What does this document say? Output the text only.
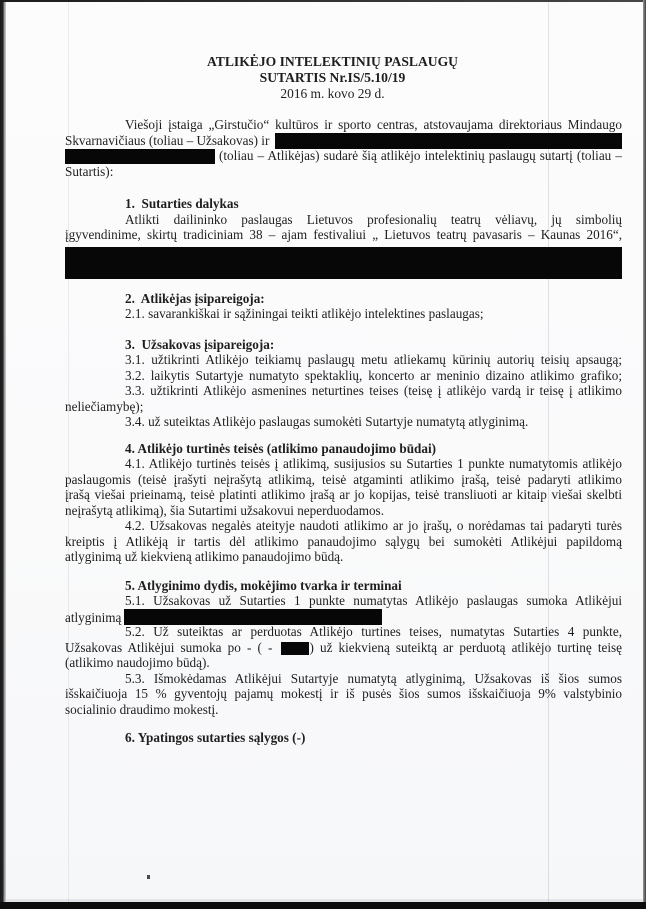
ATLIKĖJO INTELEKTINIŲ PASLAUGŲ
SUTARTIS Nr.IS/5.10/19
2016 m. kovo 29 d.
Viešoji įstaiga „Girstučio“ kultūros ir sporto centras, atstovaujama direktoriaus Mindaugo
Skvarnavičiaus (toliau – Užsakovas) ir
(toliau – Atlikėjas) sudarė šią atlikėjo intelektinių paslaugų sutartį (toliau –
Sutartis):
1.  Sutarties dalykas
Atlikti dailininko paslaugas Lietuvos profesionalių teatrų vėliavų, jų simbolių
įgyvendinime, skirtų tradiciniam 38 – ajam festivaliui „ Lietuvos teatrų pavasaris – Kaunas 2016“,
2.  Atlikėjas įsipareigoja:
2.1. savarankiškai ir sąžiningai teikti atlikėjo intelektines paslaugas;
3.  Užsakovas įsipareigoja:
3.1. užtikrinti Atlikėjo teikiamų paslaugų metu atliekamų kūrinių autorių teisių apsaugą;
3.2. laikytis Sutartyje numatyto spektaklių, koncerto ar meninio dizaino atlikimo grafiko;
3.3. užtikrinti Atlikėjo asmenines neturtines teises (teisę į atlikėjo vardą ir teisę į atlikimo
neliečiamybę);
3.4. už suteiktas Atlikėjo paslaugas sumokėti Sutartyje numatytą atlyginimą.
4. Atlikėjo turtinės teisės (atlikimo panaudojimo būdai)
4.1. Atlikėjo turtinės teisės į atlikimą, susijusios su Sutarties 1 punkte numatytomis atlikėjo
paslaugomis (teisė įrašyti neįrašytą atlikimą, teisė atgaminti atlikimo įrašą, teisė padaryti atlikimo
įrašą viešai prieinamą, teisė platinti atlikimo įrašą ar jo kopijas, teisė transliuoti ar kitaip viešai skelbti
neįrašytą atlikimą), šia Sutartimi užsakovui neperduodamos.
4.2. Užsakovas negalės ateityje naudoti atlikimo ar jo įrašų, o norėdamas tai padaryti turės
kreiptis į Atlikėją ir tartis dėl atlikimo panaudojimo sąlygų bei sumokėti Atlikėjui papildomą
atlyginimą už kiekvieną atlikimo panaudojimo būdą.
5. Atlyginimo dydis, mokėjimo tvarka ir terminai
5.1. Užsakovas už Sutarties 1 punkte numatytas Atlikėjo paslaugas sumoka Atlikėjui
atlyginimą
5.2. Už suteiktas ar perduotas Atlikėjo turtines teises, numatytas Sutarties 4 punkte,
Užsakovas Atlikėjui sumoka po - ( - ) už kiekvieną suteiktą ar perduotą atlikėjo turtinę teisę
(atlikimo naudojimo būdą).
5.3. Išmokėdamas Atlikėjui Sutartyje numatytą atlyginimą, Užsakovas iš šios sumos
išskaičiuoja 15 % gyventojų pajamų mokestį ir iš pusės šios sumos išskaičiuoja 9% valstybinio
socialinio draudimo mokestį.
6. Ypatingos sutarties sąlygos (-)
